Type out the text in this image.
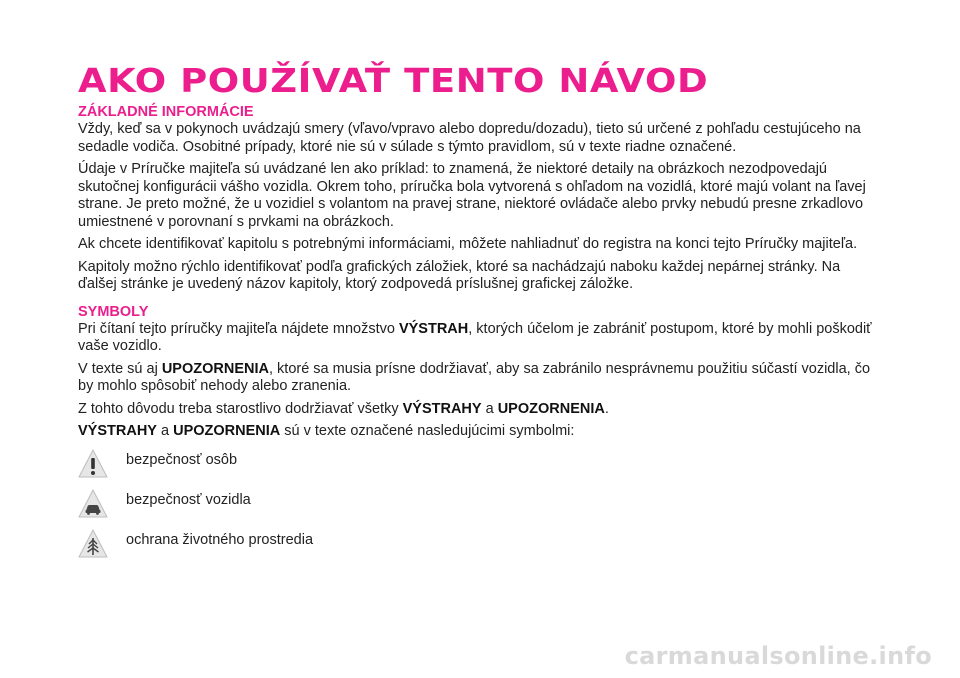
AKO POUŽÍVAŤ TENTO NÁVOD
ZÁKLADNÉ INFORMÁCIE

Vždy, keď sa v pokynoch uvádzajú smery (vľavo/vpravo alebo dopredu/dozadu), tieto sú určené z pohľadu cestujúceho na sedadle vodiča. Osobitné prípady, ktoré nie sú v súlade s týmto pravidlom, sú v texte riadne označené.

Údaje v Príručke majiteľa sú uvádzané len ako príklad: to znamená, že niektoré detaily na obrázkoch nezodpovedajú skutočnej konfigurácii vášho vozidla. Okrem toho, príručka bola vytvorená s ohľadom na vozidlá, ktoré majú volant na ľavej strane. Je preto možné, že u vozidiel s volantom na pravej strane, niektoré ovládače alebo prvky nebudú presne zrkadlovo umiestnené v porovnaní s prvkami na obrázkoch.

Ak chcete identifikovať kapitolu s potrebnými informáciami, môžete nahliadnuť do registra na konci tejto Príručky majiteľa.

Kapitoly možno rýchlo identifikovať podľa grafických záložiek, ktoré sa nachádzajú naboku každej nepárnej stránky. Na ďalšej stránke je uvedený názov kapitoly, ktorý zodpovedá príslušnej grafickej záložke.

SYMBOLY

Pri čítaní tejto príručky majiteľa nájdete množstvo VÝSTRAH, ktorých účelom je zabrániť postupom, ktoré by mohli poškodiť vaše vozidlo.

V texte sú aj UPOZORNENIA, ktoré sa musia prísne dodržiavať, aby sa zabránilo nesprávnemu použitiu súčastí vozidla, čo by mohlo spôsobiť nehody alebo zranenia.

Z tohto dôvodu treba starostlivo dodržiavať všetky VÝSTRAHY a UPOZORNENIA.

VÝSTRAHY a UPOZORNENIA sú v texte označené nasledujúcimi symbolmi:

bezpečnosť osôb
bezpečnosť vozidla
ochrana životného prostredia
carmanualsonline.info
